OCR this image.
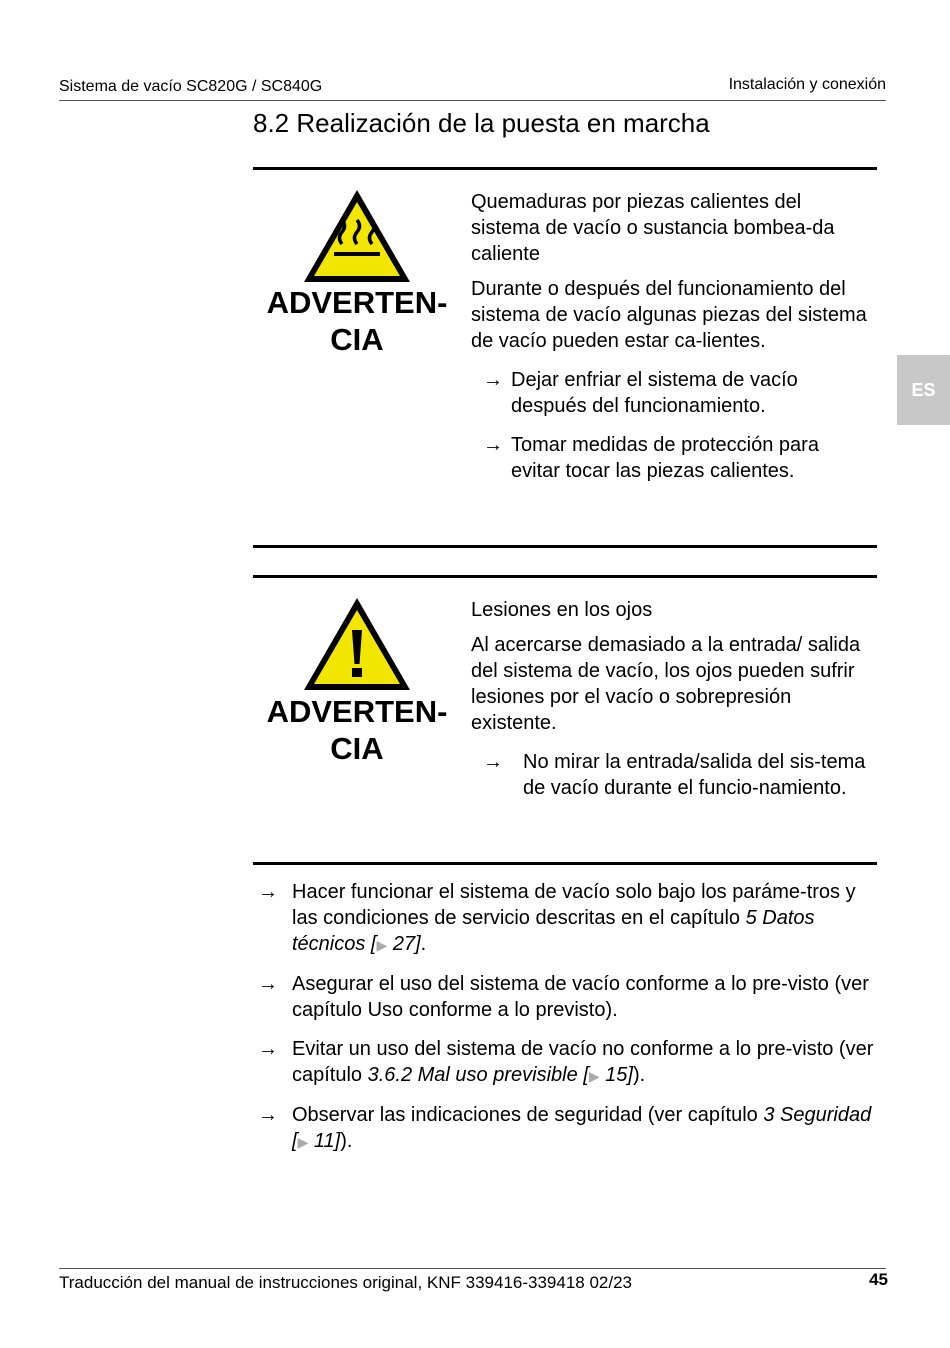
Sistema de vacío SC820G / SC840G	Instalación y conexión
8.2 Realización de la puesta en marcha
ES
ADVERTEN-
CIA

Quemaduras por piezas calientes del sistema de vacío o sustancia bombea-da caliente

Durante o después del funcionamiento del sistema de vacío algunas piezas del sistema de vacío pueden estar ca-lientes.

→ Dejar enfriar el sistema de vacío después del funcionamiento.
→ Tomar medidas de protección para evitar tocar las piezas calientes.
ADVERTEN-
CIA

Lesiones en los ojos

Al acercarse demasiado a la entrada/ salida del sistema de vacío, los ojos pueden sufrir lesiones por el vacío o sobrepresión existente.

→ No mirar la entrada/salida del sis-tema de vacío durante el funcio-namiento.
→ Hacer funcionar el sistema de vacío solo bajo los paráme-tros y las condiciones de servicio descritas en el capítulo 5 Datos técnicos [▶ 27].
→ Asegurar el uso del sistema de vacío conforme a lo pre-visto (ver capítulo Uso conforme a lo previsto).
→ Evitar un uso del sistema de vacío no conforme a lo pre-visto (ver capítulo 3.6.2 Mal uso previsible [▶ 15]).
→ Observar las indicaciones de seguridad (ver capítulo 3 Seguridad [▶ 11]).
Traducción del manual de instrucciones original, KNF 339416-339418 02/23	45
